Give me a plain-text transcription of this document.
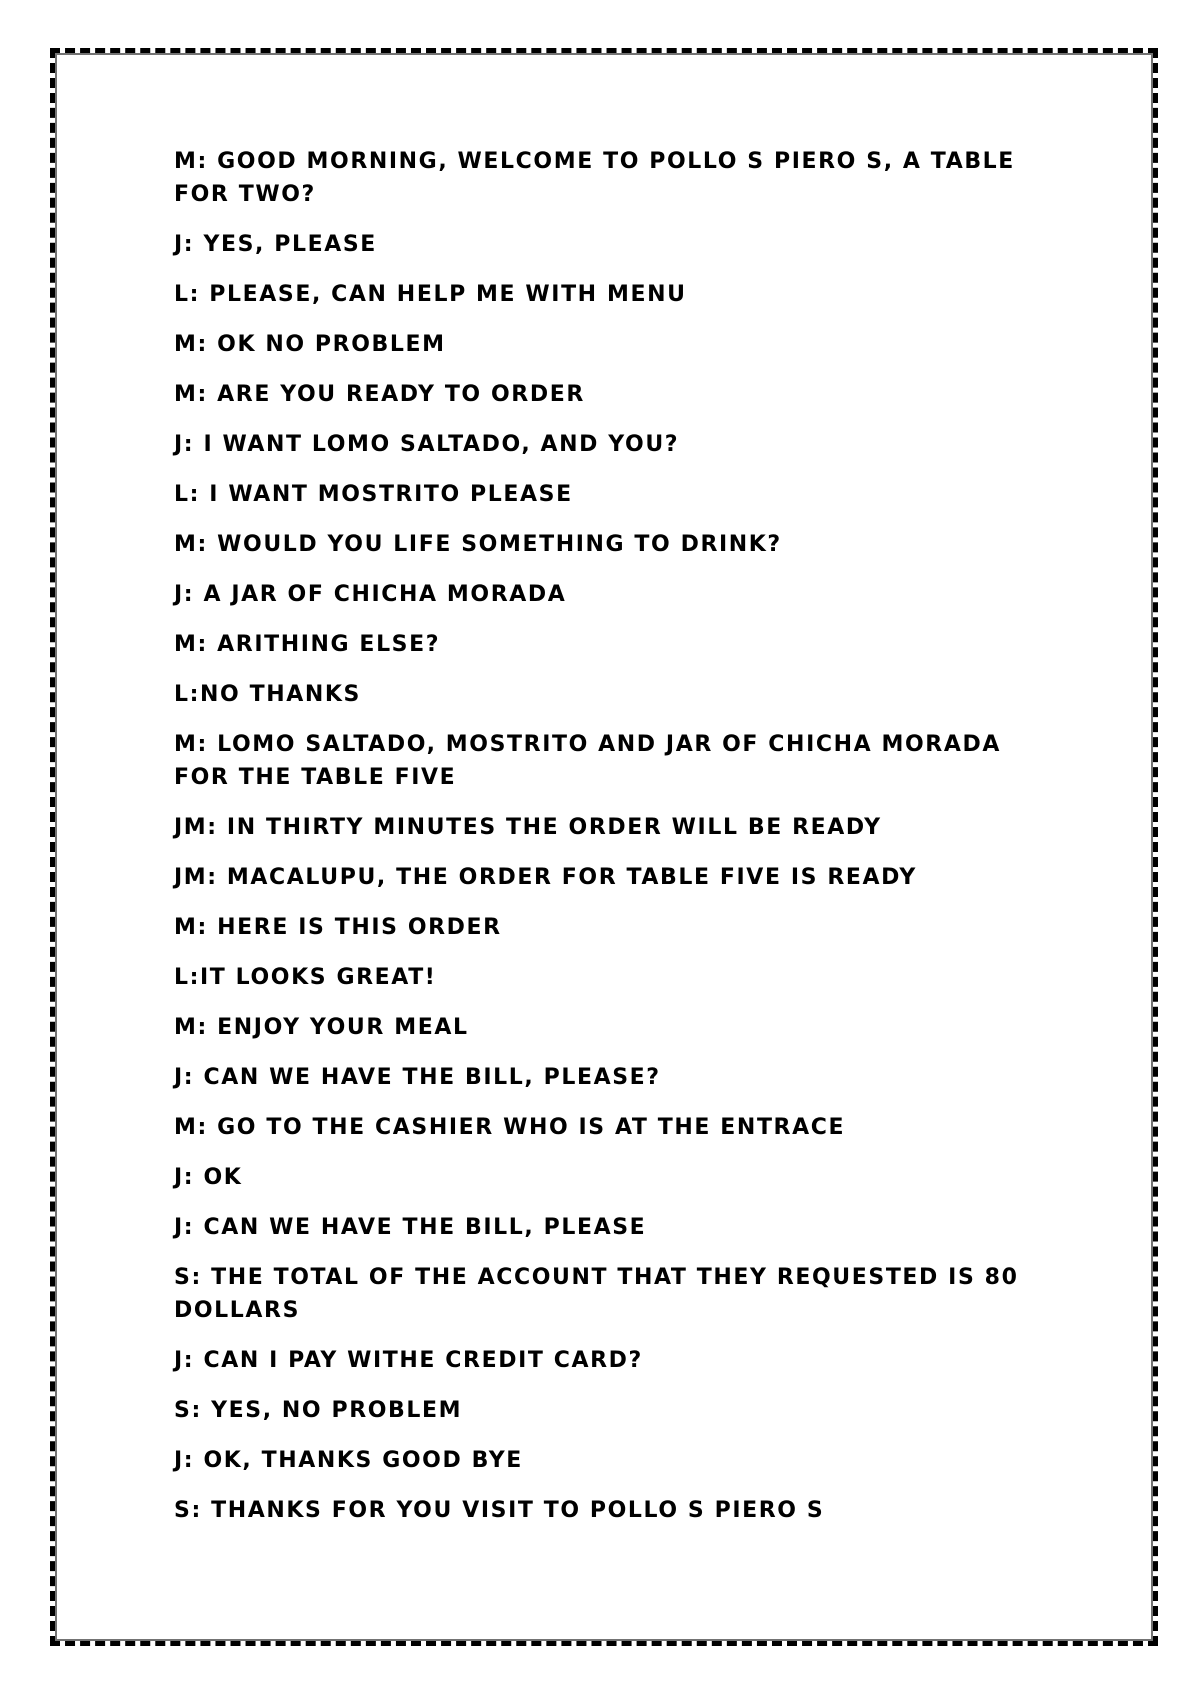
M: GOOD MORNING, WELCOME TO POLLO S PIERO S, A TABLE FOR TWO?
J: YES, PLEASE
L: PLEASE, CAN HELP ME WITH MENU
M: OK NO PROBLEM
M: ARE YOU READY TO ORDER
J: I WANT LOMO SALTADO, AND YOU?
L: I WANT MOSTRITO PLEASE
M: WOULD YOU LIFE SOMETHING TO DRINK?
J: A JAR OF CHICHA MORADA
M: ARITHING ELSE?
L:NO THANKS
M: LOMO SALTADO, MOSTRITO AND JAR OF CHICHA MORADA FOR THE TABLE FIVE
JM: IN THIRTY MINUTES THE ORDER WILL BE READY
JM: MACALUPU, THE ORDER FOR TABLE FIVE IS READY
M: HERE IS THIS ORDER
L:IT LOOKS GREAT!
M: ENJOY YOUR MEAL
J: CAN WE HAVE THE BILL, PLEASE?
M: GO TO THE CASHIER WHO IS AT THE ENTRACE
J: OK
J: CAN WE HAVE THE BILL, PLEASE
S: THE TOTAL OF THE ACCOUNT THAT THEY REQUESTED IS 80 DOLLARS
J: CAN I PAY WITHE CREDIT CARD?
S: YES, NO PROBLEM
J: OK, THANKS GOOD BYE
S: THANKS FOR YOU VISIT TO POLLO S PIERO S
